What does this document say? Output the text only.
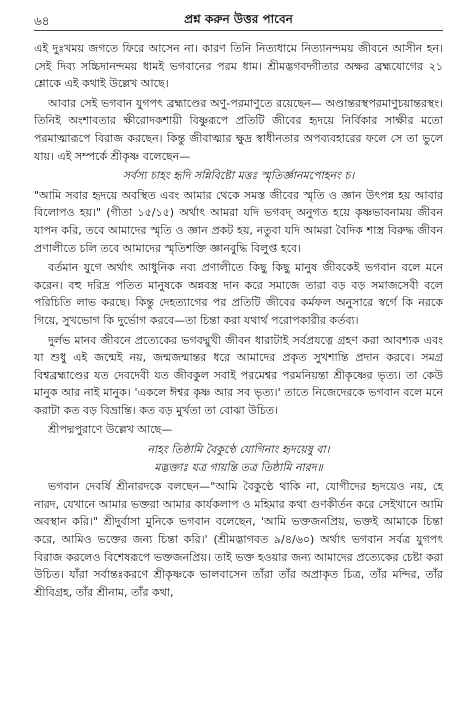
৬৪	প্রশ্ন করুন উত্তর পাবেন

এই দুঃখময় জগতে ফিরে আসেন না। কারণ তিনি নিত্যধামে নিত্যানন্দময় জীবনে আসীন হন। সেই দিব্য সচ্চিদানন্দময় ধামই ভগবানের পরম ধাম। শ্রীমদ্ভগবদ্গীতার অক্ষর ব্রহ্মযোগের ২১ শ্লোকে এই কথাই উল্লেখ আছে।

আবার সেই ভগবান যুগপৎ ব্রহ্মাণ্ডের অণু-পরমাণুতে রয়েছেন— অণ্ডান্তরস্থপরমাণুচয়ান্তরস্থং। তিনিই অংশাবতার ক্ষীরোদকশায়ী বিষ্ণুরূপে প্রতিটি জীবের হৃদয়ে নির্বিকার সাক্ষীর মতো পরমাত্মারূপে বিরাজ করছেন। কিন্তু জীবাত্মার ক্ষুদ্র স্বাধীনতার অপব্যবহারের ফলে সে তা ভুলে যায়। এই সম্পর্কে শ্রীকৃষ্ণ বলেছেন—

সর্বস্য চাহং হৃদি সন্নিবিষ্টো মত্তঃ স্মৃতির্জ্ঞানমপোহনং চ।

"আমি সবার হৃদয়ে অবস্থিত এবং আমার থেকে সমস্ত জীবের স্মৃতি ও জ্ঞান উৎপন্ন হয় আবার বিলোপও হয়।" (গীতা ১৫/১৫) অর্থাৎ আমরা যদি ভগবদ্ অনুগত হয়ে কৃষ্ণভাবনাময় জীবন যাপন করি, তবে আমাদের স্মৃতি ও জ্ঞান প্রকট হয়, নতুবা যদি আমরা বৈদিক শাস্ত্র বিরুদ্ধ জীবন প্রণালীতে চলি তবে আমাদের স্মৃতিশক্তি জ্ঞানবুদ্ধি বিলুপ্ত হবে।

বর্তমান যুগে অর্থাৎ আধুনিক নব্য প্রণালীতে কিছু কিছু মানুষ জীবকেই ভগবান বলে মনে করেন। বহু দরিদ্র পতিত মানুষকে অন্নবস্ত্র দান করে সমাজে তারা বড় বড় সমাজসেবী বলে পরিচিতি লাভ করছে। কিন্তু দেহত্যাগের পর প্রতিটি জীবের কর্মফল অনুসারে স্বর্গে কি নরকে গিয়ে, সুখভোগ কি দুর্ভোগ করবে—তা চিন্তা করা যথার্থ পরোপকারীর কর্তব্য।

দুর্লভ মানব জীবনে প্রত্যেকের ভগবদ্মুখী জীবন ধারাটাই সর্বপ্রযত্নে গ্রহণ করা আবশ্যক এবং যা শুধু এই জন্মেই নয়, জন্মজন্মান্তর ধরে আমাদের প্রকৃত সুখশান্তি প্রদান করবে। সমগ্র বিশ্বব্রহ্মাণ্ডের যত দেবদেবী যত জীবকুল সবাই পরমেশ্বর পরমনিয়ন্তা শ্রীকৃষ্ণের ভৃত্য। তা কেউ মানুক আর নাই মানুক। 'একলে ঈশ্বর কৃষ্ণ আর সব ভৃত্য।' তাতে নিজেদেরকে ভগবান বলে মনে করাটা কত বড় বিভ্রান্তি। কত বড় মুর্খতা তা বোঝা উচিত।

শ্রীপদ্মপুরাণে উল্লেখ আছে—

নাহং তিষ্ঠামি বৈকুণ্ঠে যোগিনাং হৃদয়েষু বা।
মদ্ভক্তাঃ যত্র গায়ন্তি তত্র তিষ্ঠামি নারদ॥

ভগবান দেবর্ষি শ্রীনারদকে বলছেন—"আমি বৈকুণ্ঠে থাকি না, যোগীদের হৃদয়েও নয়, হে নারদ, যেখানে আমার ভক্তরা আমার কার্যকলাপ ও মহিমার কথা গুণকীর্তন করে সেইখানে আমি অবস্থান করি।" শ্রীদুর্বাসা মুনিকে ভগবান বলেছেন, 'আমি ভক্তজনপ্রিয়, ভক্তই আমাকে চিন্তা করে, আমিও ভক্তের জন্য চিন্তা করি।' (শ্রীমদ্ভাগবত ৯/৪/৬০) অর্থাৎ ভগবান সর্বত্র যুগপৎ বিরাজ করলেও বিশেষরূপে ভক্তজনপ্রিয়। তাই ভক্ত হওয়ার জন্য আমাদের প্রত্যেকের চেষ্টা করা উচিত। যাঁরা সর্বান্তঃকরণে শ্রীকৃষ্ণকে ভালবাসেন তাঁরা তাঁর অপ্রাকৃত চিত্র, তাঁর মন্দির, তাঁর শ্রীবিগ্রহ, তাঁর শ্রীনাম, তাঁর কথা,
